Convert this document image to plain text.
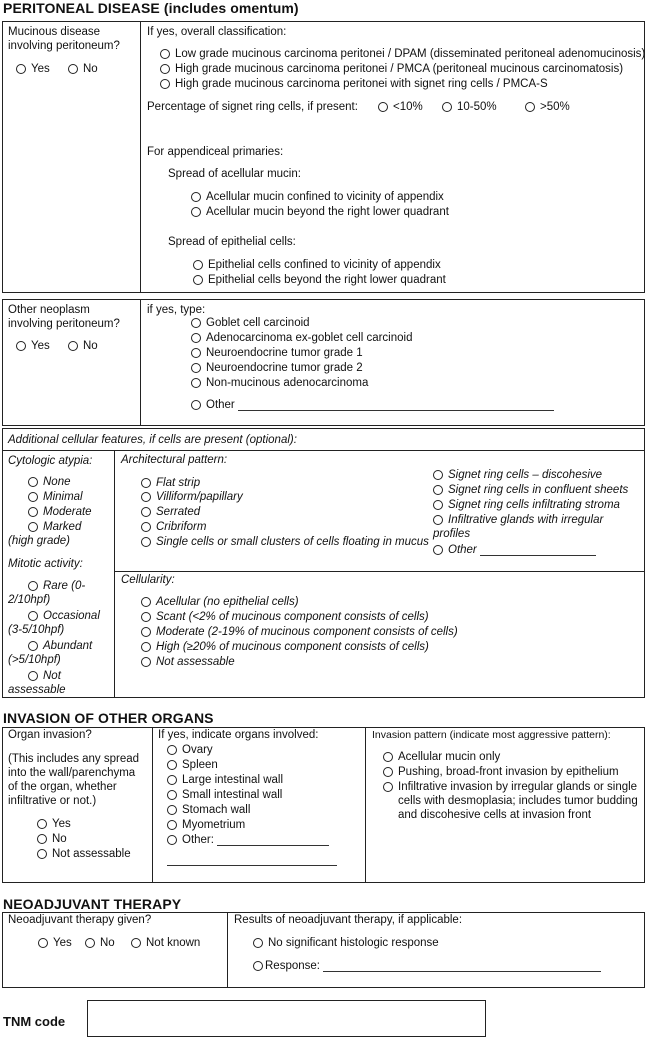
PERITONEAL DISEASE (includes omentum)
Mucinous disease
involving peritoneum?
Yes	No
If yes, overall classification:
Low grade mucinous carcinoma peritonei / DPAM (disseminated peritoneal adenomucinosis)
High grade mucinous carcinoma peritonei / PMCA (peritoneal mucinous carcinomatosis)
High grade mucinous carcinoma peritonei with signet ring cells / PMCA-S
Percentage of signet ring cells, if present:	<10%	10-50%	>50%
For appendiceal primaries:
Spread of acellular mucin:
Acellular mucin confined to vicinity of appendix
Acellular mucin beyond the right lower quadrant
Spread of epithelial cells:
Epithelial cells confined to vicinity of appendix
Epithelial cells beyond the right lower quadrant
Other neoplasm
involving peritoneum?
Yes	No
if yes, type:
Goblet cell carcinoid
Adenocarcinoma ex-goblet cell carcinoid
Neuroendocrine tumor grade 1
Neuroendocrine tumor grade 2
Non-mucinous adenocarcinoma
Other
Additional cellular features, if cells are present (optional):
Cytologic atypia:
None
Minimal
Moderate
Marked
(high grade)
Mitotic activity:
Rare (0-
2/10hpf)
Occasional
(3-5/10hpf)
Abundant
(>5/10hpf)
Not
assessable
Architectural pattern:
Flat strip
Villiform/papillary
Serrated
Cribriform
Single cells or small clusters of cells floating in mucus
Signet ring cells – discohesive
Signet ring cells in confluent sheets
Signet ring cells infiltrating stroma
Infiltrative glands with irregular
profiles
Other
Cellularity:
Acellular (no epithelial cells)
Scant (<2% of mucinous component consists of cells)
Moderate (2-19% of mucinous component consists of cells)
High (≥20% of mucinous component consists of cells)
Not assessable
INVASION OF OTHER ORGANS
Organ invasion?
(This includes any spread
into the wall/parenchyma
of the organ, whether
infiltrative or not.)
Yes
No
Not assessable
If yes, indicate organs involved:
Ovary
Spleen
Large intestinal wall
Small intestinal wall
Stomach wall
Myometrium
Other:
Invasion pattern (indicate most aggressive pattern):
Acellular mucin only
Pushing, broad-front invasion by epithelium
Infiltrative invasion by irregular glands or single
cells with desmoplasia; includes tumor budding
and discohesive cells at invasion front
NEOADJUVANT THERAPY
Neoadjuvant therapy given?
Yes No	Not known
Results of neoadjuvant therapy, if applicable:
No significant histologic response
Response:
TNM code
